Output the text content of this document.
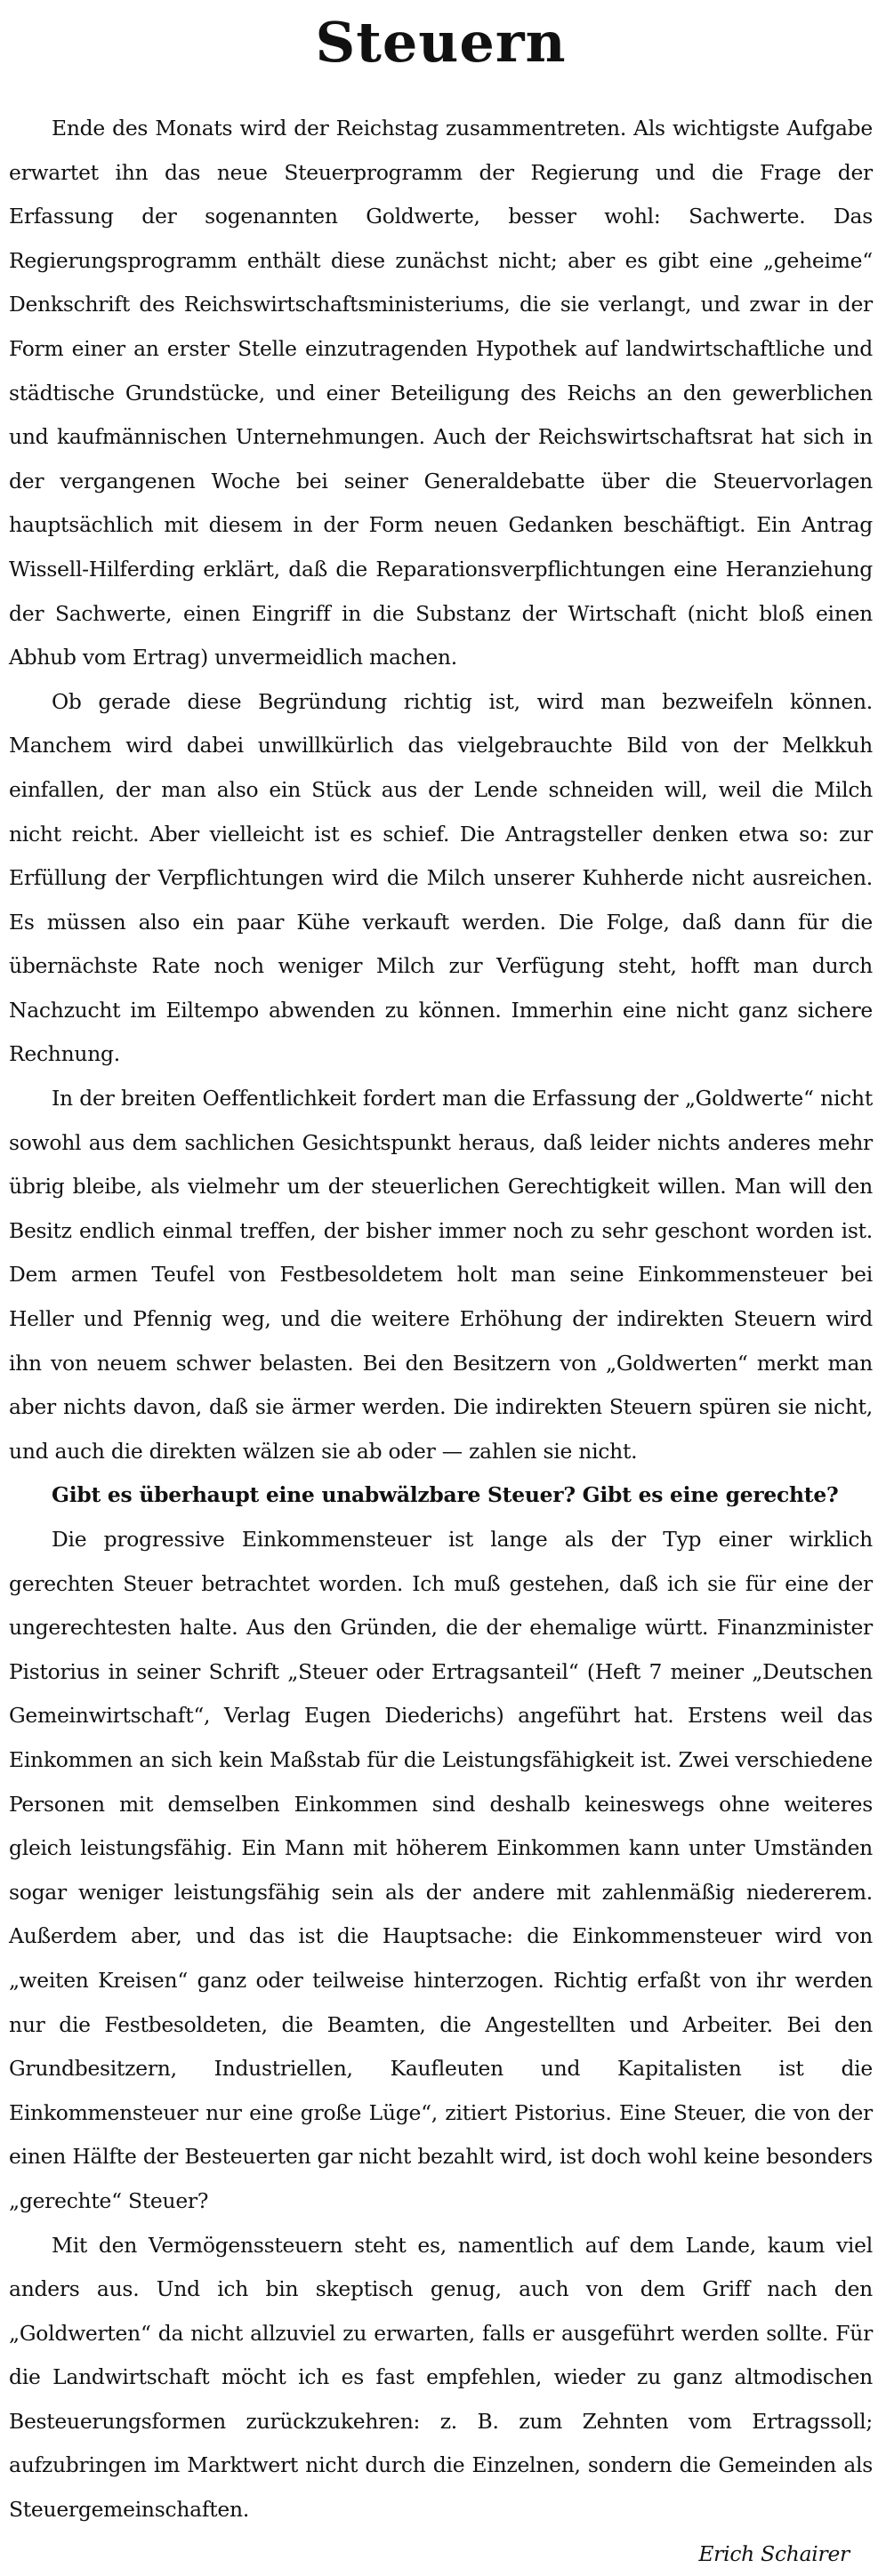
Steuern

Ende des Monats wird der Reichstag zusammentreten. Als wichtigste Aufgabe erwartet ihn das neue Steuerprogramm der Regierung und die Frage der Erfassung der sogenannten Goldwerte, besser wohl: Sachwerte. Das Regierungsprogramm enthält diese zunächst nicht; aber es gibt eine „geheime“ Denkschrift des Reichswirtschaftsministeriums, die sie verlangt, und zwar in der Form einer an erster Stelle einzutragenden Hypothek auf landwirtschaftliche und städtische Grundstücke, und einer Beteiligung des Reichs an den gewerblichen und kaufmännischen Unternehmungen. Auch der Reichswirtschaftsrat hat sich in der vergangenen Woche bei seiner Generaldebatte über die Steuervorlagen hauptsächlich mit diesem in der Form neuen Gedanken beschäftigt. Ein Antrag Wissell-Hilferding erklärt, daß die Reparationsverpflichtungen eine Heranziehung der Sachwerte, einen Eingriff in die Substanz der Wirtschaft (nicht bloß einen Abhub vom Ertrag) unvermeidlich machen.

Ob gerade diese Begründung richtig ist, wird man bezweifeln können. Manchem wird dabei unwillkürlich das vielgebrauchte Bild von der Melkkuh einfallen, der man also ein Stück aus der Lende schneiden will, weil die Milch nicht reicht. Aber vielleicht ist es schief. Die Antragsteller denken etwa so: zur Erfüllung der Verpflichtungen wird die Milch unserer Kuhherde nicht ausreichen. Es müssen also ein paar Kühe verkauft werden. Die Folge, daß dann für die übernächste Rate noch weniger Milch zur Verfügung steht, hofft man durch Nachzucht im Eiltempo abwenden zu können. Immerhin eine nicht ganz sichere Rechnung.

In der breiten Oeffentlichkeit fordert man die Erfassung der „Goldwerte“ nicht sowohl aus dem sachlichen Gesichtspunkt heraus, daß leider nichts anderes mehr übrig bleibe, als vielmehr um der steuerlichen Gerechtigkeit willen. Man will den Besitz endlich einmal treffen, der bisher immer noch zu sehr geschont worden ist. Dem armen Teufel von Festbesoldetem holt man seine Einkommensteuer bei Heller und Pfennig weg, und die weitere Erhöhung der indirekten Steuern wird ihn von neuem schwer belasten. Bei den Besitzern von „Goldwerten“ merkt man aber nichts davon, daß sie ärmer werden. Die indirekten Steuern spüren sie nicht, und auch die direkten wälzen sie ab oder — zahlen sie nicht.

Gibt es überhaupt eine unabwälzbare Steuer? Gibt es eine gerechte?

Die progressive Einkommensteuer ist lange als der Typ einer wirklich gerechten Steuer betrachtet worden. Ich muß gestehen, daß ich sie für eine der ungerechtesten halte. Aus den Gründen, die der ehemalige württ. Finanzminister Pistorius in seiner Schrift „Steuer oder Ertragsanteil“ (Heft 7 meiner „Deutschen Gemeinwirtschaft“, Verlag Eugen Diederichs) angeführt hat. Erstens weil das Einkommen an sich kein Maßstab für die Leistungsfähigkeit ist. Zwei verschiedene Personen mit demselben Einkommen sind deshalb keineswegs ohne weiteres gleich leistungsfähig. Ein Mann mit höherem Einkommen kann unter Umständen sogar weniger leistungsfähig sein als der andere mit zahlenmäßig niedererem. Außerdem aber, und das ist die Hauptsache: die Einkommensteuer wird von „weiten Kreisen“ ganz oder teilweise hinterzogen. Richtig erfaßt von ihr werden nur die Festbesoldeten, die Beamten, die Angestellten und Arbeiter. Bei den Grundbesitzern, Industriellen, Kaufleuten und Kapitalisten ist die Einkommensteuer nur eine große Lüge“, zitiert Pistorius. Eine Steuer, die von der einen Hälfte der Besteuerten gar nicht bezahlt wird, ist doch wohl keine besonders „gerechte“ Steuer?

Mit den Vermögenssteuern steht es, namentlich auf dem Lande, kaum viel anders aus. Und ich bin skeptisch genug, auch von dem Griff nach den „Goldwerten“ da nicht allzuviel zu erwarten, falls er ausgeführt werden sollte. Für die Landwirtschaft möcht ich es fast empfehlen, wieder zu ganz altmodischen Besteuerungsformen zurückzukehren: z. B. zum Zehnten vom Ertragssoll; aufzubringen im Marktwert nicht durch die Einzelnen, sondern die Gemeinden als Steuergemeinschaften.

Erich Schairer
